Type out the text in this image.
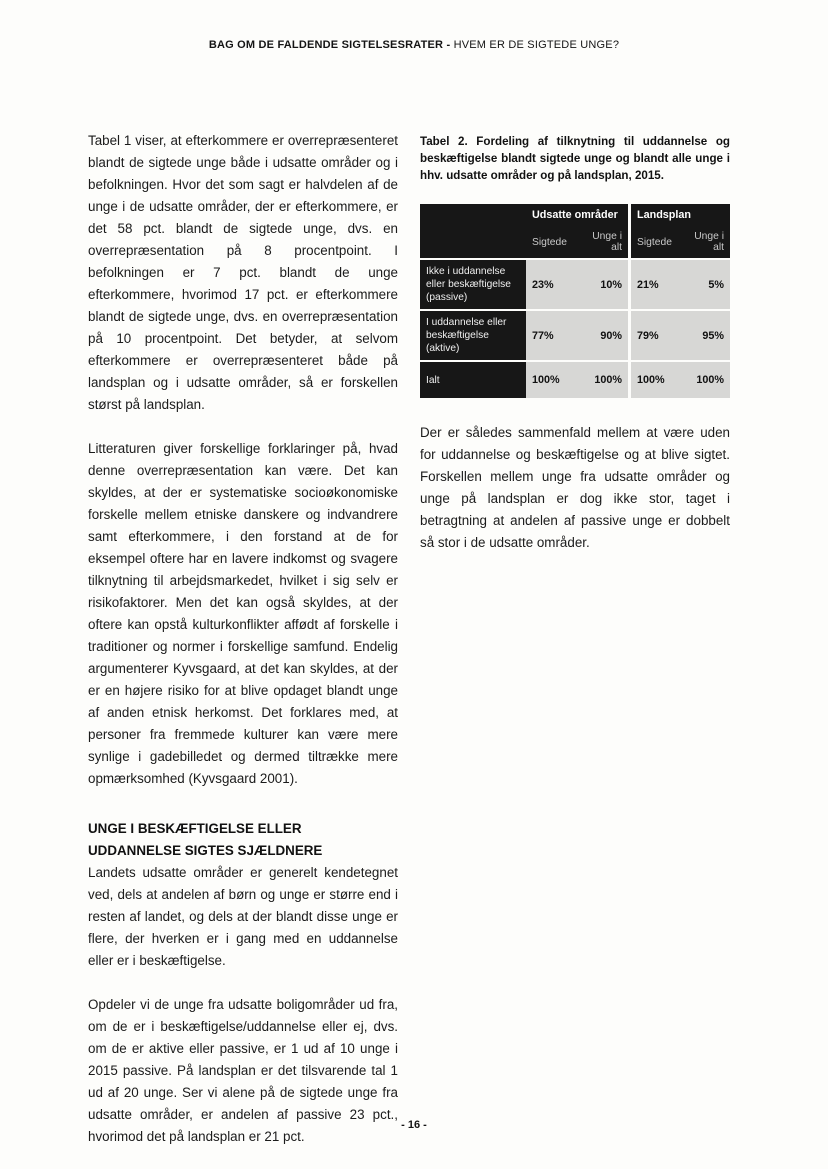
BAG OM DE FALDENDE SIGTELSESRATER - HVEM ER DE SIGTEDE UNGE?

Tabel 1 viser, at efterkommere er overrepræsenteret blandt de sigtede unge både i udsatte områder og i befolkningen. Hvor det som sagt er halvdelen af de unge i de udsatte områder, der er efterkommere, er det 58 pct. blandt de sigtede unge, dvs. en overrepræsentation på 8 procentpoint. I befolkningen er 7 pct. blandt de unge efterkommere, hvorimod 17 pct. er efterkommere blandt de sigtede unge, dvs. en overrepræsentation på 10 procentpoint. Det betyder, at selvom efterkommere er overrepræsenteret både på landsplan og i udsatte områder, så er forskellen størst på landsplan.

Litteraturen giver forskellige forklaringer på, hvad denne overrepræsentation kan være. Det kan skyldes, at der er systematiske socioøkonomiske forskelle mellem etniske danskere og indvandrere samt efterkommere, i den forstand at de for eksempel oftere har en lavere indkomst og svagere tilknytning til arbejdsmarkedet, hvilket i sig selv er risikofaktorer. Men det kan også skyldes, at der oftere kan opstå kulturkonflikter affødt af forskelle i traditioner og normer i forskellige samfund. Endelig argumenterer Kyvsgaard, at det kan skyldes, at der er en højere risiko for at blive opdaget blandt unge af anden etnisk herkomst. Det forklares med, at personer fra fremmede kulturer kan være mere synlige i gadebilledet og dermed tiltrække mere opmærksomhed (Kyvsgaard 2001).

UNGE I BESKÆFTIGELSE ELLER UDDANNELSE SIGTES SJÆLDNERE

Landets udsatte områder er generelt kendetegnet ved, dels at andelen af børn og unge er større end i resten af landet, og dels at der blandt disse unge er flere, der hverken er i gang med en uddannelse eller er i beskæftigelse.

Opdeler vi de unge fra udsatte boligområder ud fra, om de er i beskæftigelse/uddannelse eller ej, dvs. om de er aktive eller passive, er 1 ud af 10 unge i 2015 passive. På landsplan er det tilsvarende tal 1 ud af 20 unge. Ser vi alene på de sigtede unge fra udsatte områder, er andelen af passive 23 pct., hvorimod det på landsplan er 21 pct.

Tabel 2. Fordeling af tilknytning til uddannelse og beskæftigelse blandt sigtede unge og blandt alle unge i hhv. udsatte områder og på landsplan, 2015.

	Udsatte områder		Landsplan	
	Sigtede	Unge i alt	Sigtede	Unge i alt
Ikke i uddannelse eller beskæftigelse (passive)	23%	10%	21%	5%
I uddannelse eller beskæftigelse (aktive)	77%	90%	79%	95%
Ialt	100%	100%	100%	100%

Der er således sammenfald mellem at være uden for uddannelse og beskæftigelse og at blive sigtet. Forskellen mellem unge fra udsatte områder og unge på landsplan er dog ikke stor, taget i betragtning at andelen af passive unge er dobbelt så stor i de udsatte områder.

- 16 -
